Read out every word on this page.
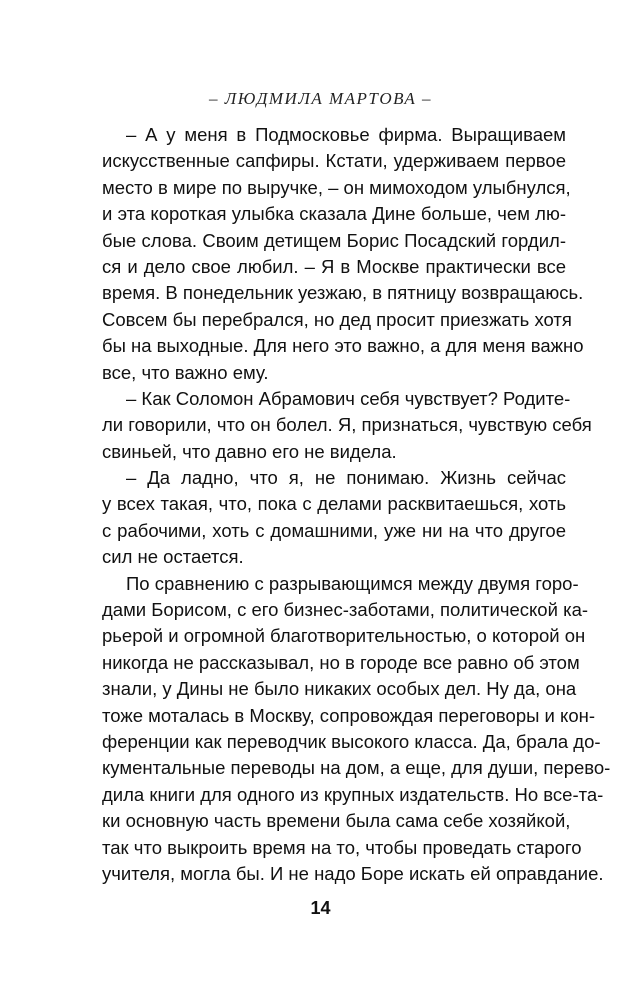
– ЛЮДМИЛА МАРТОВА –
– А у меня в Подмосковье фирма. Выращиваем
искусственные сапфиры. Кстати, удерживаем первое
место в мире по выручке, – он мимоходом улыбнулся,
и эта короткая улыбка сказала Дине больше, чем лю-
бые слова. Своим детищем Борис Посадский гордил-
ся и дело свое любил. – Я в Москве практически все
время. В понедельник уезжаю, в пятницу возвращаюсь.
Совсем бы перебрался, но дед просит приезжать хотя
бы на выходные. Для него это важно, а для меня важно
все, что важно ему.
– Как Соломон Абрамович себя чувствует? Родите-
ли говорили, что он болел. Я, признаться, чувствую себя
свиньей, что давно его не видела.
– Да ладно, что я, не понимаю. Жизнь сейчас
у всех такая, что, пока с делами расквитаешься, хоть
с рабочими, хоть с домашними, уже ни на что другое
сил не остается.
По сравнению с разрывающимся между двумя горо-
дами Борисом, с его бизнес-заботами, политической ка-
рьерой и огромной благотворительностью, о которой он
никогда не рассказывал, но в городе все равно об этом
знали, у Дины не было никаких особых дел. Ну да, она
тоже моталась в Москву, сопровождая переговоры и кон-
ференции как переводчик высокого класса. Да, брала до-
кументальные переводы на дом, а еще, для души, перево-
дила книги для одного из крупных издательств. Но все-та-
ки основную часть времени была сама себе хозяйкой,
так что выкроить время на то, чтобы проведать старого
учителя, могла бы. И не надо Боре искать ей оправдание.
14
